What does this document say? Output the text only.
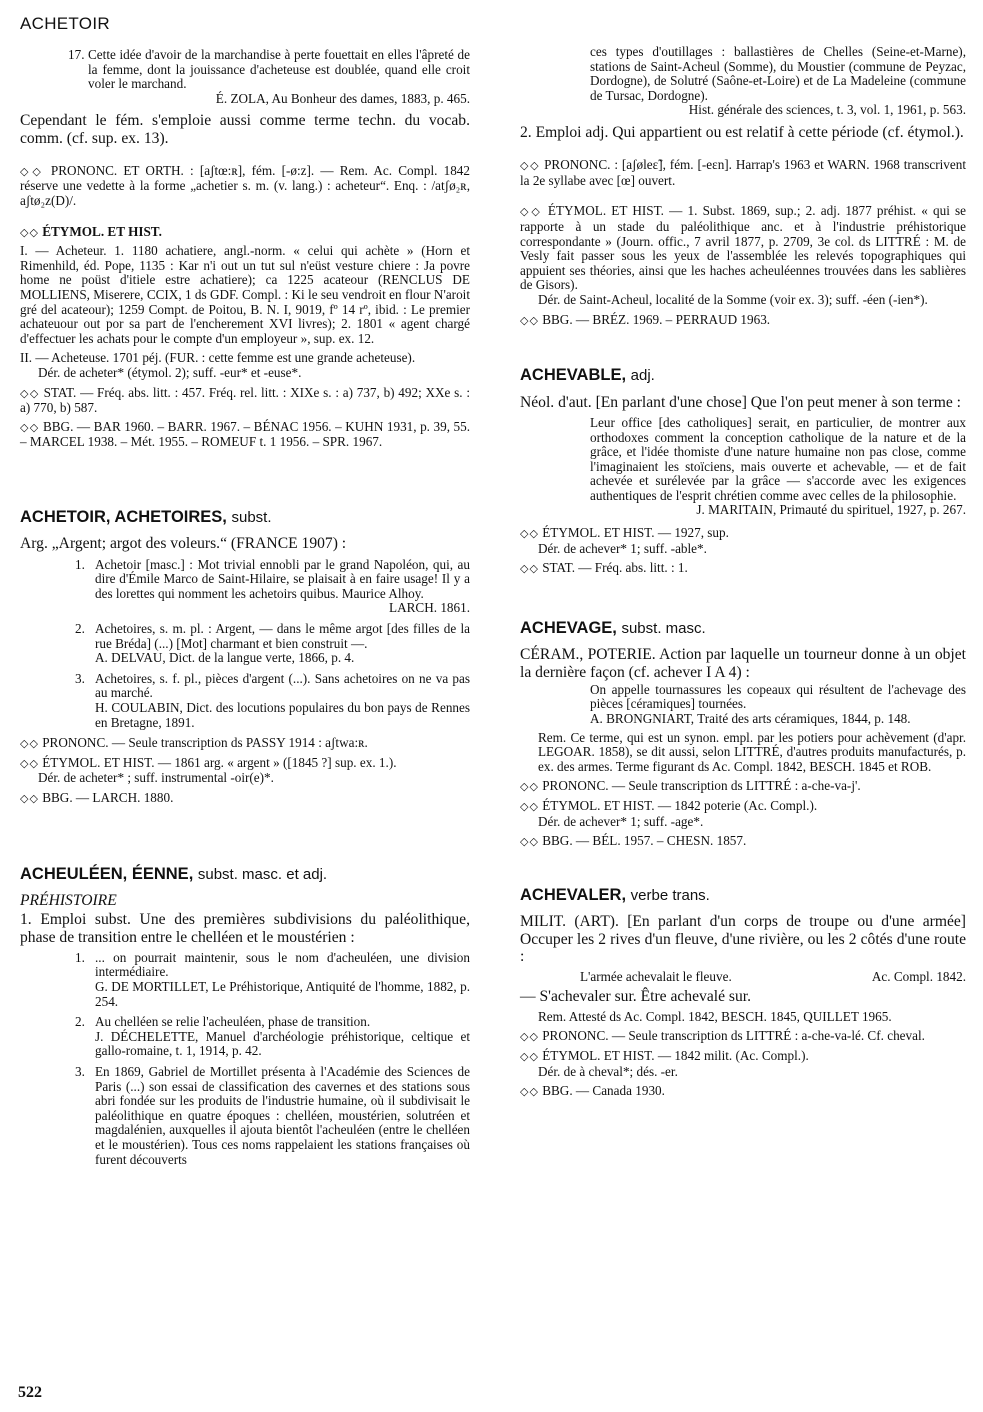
ACHETOIR
17. Cette idée d'avoir de la marchandise à perte fouettait en elles l'âpreté de la femme, dont la jouissance d'acheteuse est doublée, quand elle croit voler le marchand.
É. ZOLA, Au Bonheur des dames, 1883, p. 465.

Cependant le fém. s'emploie aussi comme terme techn. du vocab. comm. (cf. sup. ex. 13).

◇◇ PRONONC. ET ORTH. : [aʃtœ:ʀ], fém. [-ø:z]. — Rem. Ac. Compl. 1842 réserve une vedette à la forme „achetier s. m. (v. lang.) : acheteur“. Enq. : /atʃø₂ʀ, aʃtø₂z(D)/.

◇◇ ÉTYMOL. ET HIST.

I. — Acheteur. 1. 1180 achatiere, angl.-norm. « celui qui achète » (Horn et Rimenhild, éd. Pope, 1135 : Kar n'i out un tut sul n'eüst vesture chiere : Ja povre home ne poüst d'itiele estre achatiere); ca 1225 acateour (RENCLUS DE MOLLIENS, Miserere, CCIX, 1 ds GDF. Compl. : Ki le seu vendroit en flour N'aroit gré del acateour); 1259 Compt. de Poitou, B. N. I, 9019, fº 14 rº, ibid. : Le premier achateuour out por sa part de l'encherement XVI livres); 2. 1801 « agent chargé d'effectuer les achats pour le compte d'un employeur », sup. ex. 12.

II. — Acheteuse. 1701 péj. (FUR. : cette femme est une grande acheteuse).

Dér. de acheter* (étymol. 2); suff. -eur* et -euse*.

◇◇ STAT. — Fréq. abs. litt. : 457. Fréq. rel. litt. : XIXe s. : a) 737, b) 492; XXe s. : a) 770, b) 587.

◇◇ BBG. — BAR 1960. – BARR. 1967. – BÉNAC 1956. – KUHN 1931, p. 39, 55. – MARCEL 1938. – Mét. 1955. – ROMEUF t. 1 1956. – SPR. 1967.

ACHETOIR, ACHETOIRES, subst.

Arg. „Argent; argot des voleurs.“ (FRANCE 1907) :

1. Achetoir [masc.] : Mot trivial ennobli par le grand Napoléon, qui, au dire d'Émile Marco de Saint-Hilaire, se plaisait à en faire usage! Il y a des lorettes qui nomment les achetoirs quibus. Maurice Alhoy.
LARCH. 1861.
2. Achetoires, s. m. pl. : Argent, — dans le même argot [des filles de la rue Bréda] (...) [Mot] charmant et bien construit —.
A. DELVAU, Dict. de la langue verte, 1866, p. 4.
3. Achetoires, s. f. pl., pièces d'argent (...). Sans achetoires on ne va pas au marché.
H. COULABIN, Dict. des locutions populaires du bon pays de Rennes en Bretagne, 1891.

◇◇ PRONONC. — Seule transcription ds PASSY 1914 : aʃtwa:ʀ.

◇◇ ÉTYMOL. ET HIST. — 1861 arg. « argent » ([1845 ?] sup. ex. 1.).

Dér. de acheter* ; suff. instrumental -oir(e)*.

◇◇ BBG. — LARCH. 1880.

ACHEULÉEN, ÉENNE, subst. masc. et adj.

PRÉHISTOIRE

1. Emploi subst. Une des premières subdivisions du paléolithique, phase de transition entre le chelléen et le moustérien :

1. ... on pourrait maintenir, sous le nom d'acheuléen, une division intermédiaire.
G. DE MORTILLET, Le Préhistorique, Antiquité de l'homme, 1882, p. 254.
2. Au chelléen se relie l'acheuléen, phase de transition.
J. DÉCHELETTE, Manuel d'archéologie préhistorique, celtique et gallo-romaine, t. 1, 1914, p. 42.
3. En 1869, Gabriel de Mortillet présenta à l'Académie des Sciences de Paris (...) son essai de classification des cavernes et des stations sous abri fondée sur les produits de l'industrie humaine, où il subdivisait le paléolithique en quatre époques : chelléen, moustérien, solutréen et magdalénien, auxquelles il ajouta bientôt l'acheuléen (entre le chelléen et le moustérien). Tous ces noms rappelaient les stations françaises où furent découverts

ces types d'outillages : ballastières de Chelles (Seine-et-Marne), stations de Saint-Acheul (Somme), du Moustier (commune de Peyzac, Dordogne), de Solutré (Saône-et-Loire) et de La Madeleine (commune de Tursac, Dordogne).

Hist. générale des sciences, t. 3, vol. 1, 1961, p. 563.

2. Emploi adj. Qui appartient ou est relatif à cette période (cf. étymol.).

◇◇ PRONONC. : [aʃøleɛ̃], fém. [-eɛn]. Harrap's 1963 et WARN. 1968 transcrivent la 2e syllabe avec [œ] ouvert.

◇◇ ÉTYMOL. ET HIST. — 1. Subst. 1869, sup.; 2. adj. 1877 préhist. « qui se rapporte à un stade du paléolithique anc. et à l'industrie préhistorique correspondante » (Journ. offic., 7 avril 1877, p. 2709, 3e col. ds LITTRÉ : M. de Vesly fait passer sous les yeux de l'assemblée les relevés topographiques qui appuient ses théories, ainsi que les haches acheuléennes trouvées dans les sablières de Gisors).

Dér. de Saint-Acheul, localité de la Somme (voir ex. 3); suff. -éen (-ien*).

◇◇ BBG. — BRÉZ. 1969. – PERRAUD 1963.

ACHEVABLE, adj.

Néol. d'aut. [En parlant d'une chose] Que l'on peut mener à son terme :

Leur office [des catholiques] serait, en particulier, de montrer aux orthodoxes comment la conception catholique de la nature et de la grâce, et l'idée thomiste d'une nature humaine non pas close, comme l'imaginaient les stoïciens, mais ouverte et achevable, — et de fait achevée et surélevée par la grâce — s'accorde avec les exigences authentiques de l'esprit chrétien comme avec celles de la philosophie.

J. MARITAIN, Primauté du spirituel, 1927, p. 267.

◇◇ ÉTYMOL. ET HIST. — 1927, sup.

Dér. de achever* 1; suff. -able*.

◇◇ STAT. — Fréq. abs. litt. : 1.

ACHEVAGE, subst. masc.

CÉRAM., POTERIE. Action par laquelle un tourneur donne à un objet la dernière façon (cf. achever I A 4) :

On appelle tournassures les copeaux qui résultent de l'achevage des pièces [céramiques] tournées.

A. BRONGNIART, Traité des arts céramiques, 1844, p. 148.

Rem. Ce terme, qui est un synon. empl. par les potiers pour achèvement (d'apr. LEGOAR. 1858), se dit aussi, selon LITTRÉ, d'autres produits manufacturés, p. ex. des armes. Terme figurant ds Ac. Compl. 1842, BESCH. 1845 et ROB.

◇◇ PRONONC. — Seule transcription ds LITTRÉ : a-che-va-j'.

◇◇ ÉTYMOL. ET HIST. — 1842 poterie (Ac. Compl.).

Dér. de achever* 1; suff. -age*.

◇◇ BBG. — BÉL. 1957. – CHESN. 1857.

ACHEVALER, verbe trans.

MILIT. (ART). [En parlant d'un corps de troupe ou d'une armée] Occuper les 2 rives d'un fleuve, d'une rivière, ou les 2 côtés d'une route :

L'armée achevalait le fleuve.	Ac. Compl. 1842.

— S'achevaler sur. Être achevalé sur.

Rem. Attesté ds Ac. Compl. 1842, BESCH. 1845, QUILLET 1965.

◇◇ PRONONC. — Seule transcription ds LITTRÉ : a-che-va-lé. Cf. cheval.

◇◇ ÉTYMOL. ET HIST. — 1842 milit. (Ac. Compl.).

Dér. de à cheval*; dés. -er.

◇◇ BBG. — Canada 1930.

522
